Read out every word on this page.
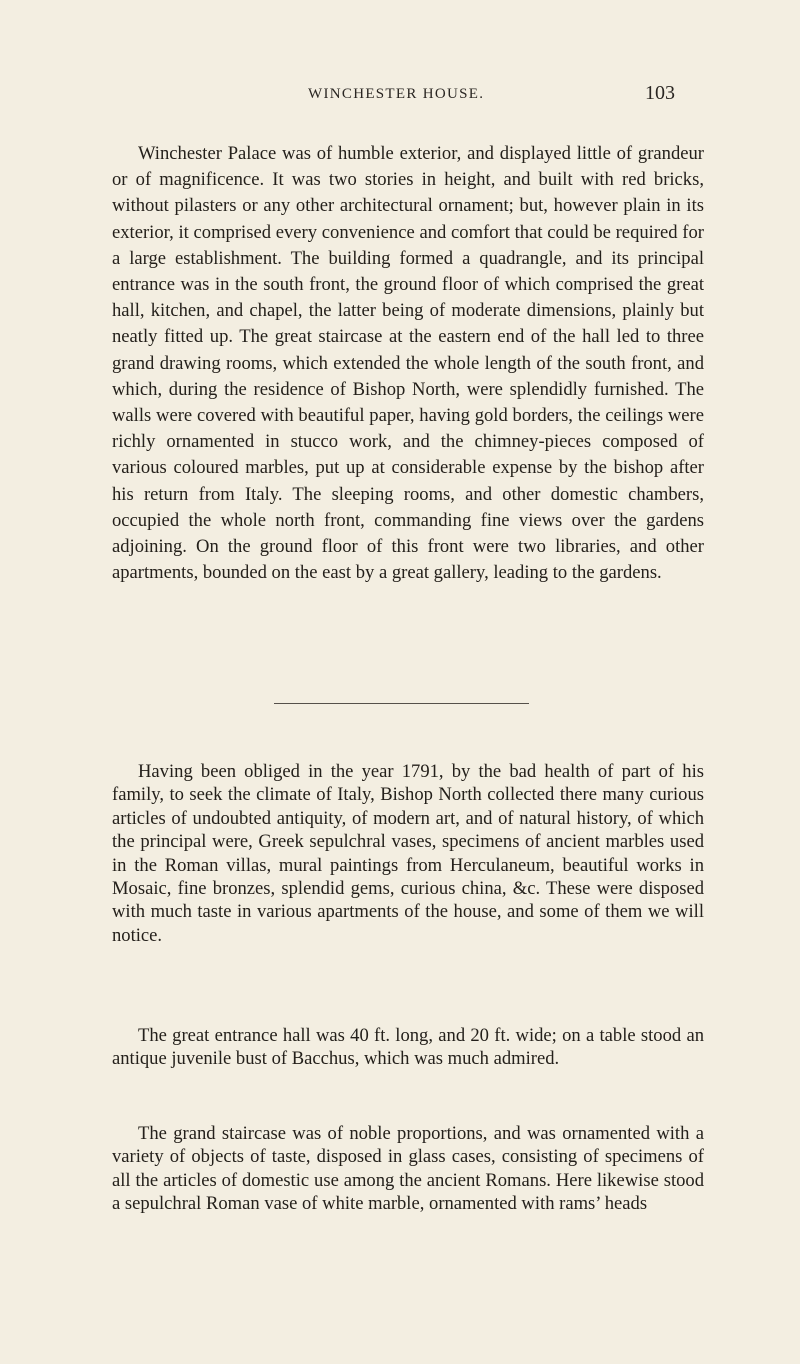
WINCHESTER HOUSE.	103

Winchester Palace was of humble exterior, and displayed little of grandeur or of magnificence. It was two stories in height, and built with red bricks, without pilasters or any other architectural ornament; but, however plain in its exterior, it comprised every convenience and comfort that could be required for a large establishment. The building formed a quadrangle, and its principal entrance was in the south front, the ground floor of which comprised the great hall, kitchen, and chapel, the latter being of moderate dimensions, plainly but neatly fitted up. The great staircase at the eastern end of the hall led to three grand drawing rooms, which extended the whole length of the south front, and which, during the residence of Bishop North, were splendidly furnished. The walls were covered with beautiful paper, having gold borders, the ceilings were richly ornamented in stucco work, and the chimney-pieces composed of various coloured marbles, put up at considerable expense by the bishop after his return from Italy. The sleeping rooms, and other domestic chambers, occupied the whole north front, commanding fine views over the gardens adjoining. On the ground floor of this front were two libraries, and other apartments, bounded on the east by a great gallery, leading to the gardens.

Having been obliged in the year 1791, by the bad health of part of his family, to seek the climate of Italy, Bishop North collected there many curious articles of undoubted antiquity, of modern art, and of natural history, of which the principal were, Greek sepulchral vases, specimens of ancient marbles used in the Roman villas, mural paintings from Herculaneum, beautiful works in Mosaic, fine bronzes, splendid gems, curious china, &c. These were disposed with much taste in various apartments of the house, and some of them we will notice.

The great entrance hall was 40 ft. long, and 20 ft. wide; on a table stood an antique juvenile bust of Bacchus, which was much admired.

The grand staircase was of noble proportions, and was ornamented with a variety of objects of taste, disposed in glass cases, consisting of specimens of all the articles of domestic use among the ancient Romans. Here likewise stood a sepulchral Roman vase of white marble, ornamented with rams’ heads
